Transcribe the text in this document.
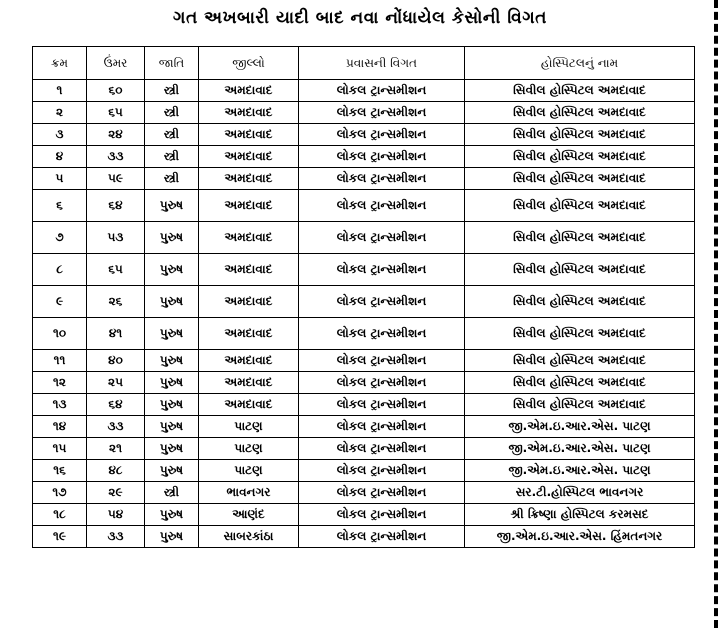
ગત અખબારી યાદી બાદ નવા નોંધાયેલ કેસોની વિગત
ક્રમ	ઉંમર	જાતિ	જીલ્લો	પ્રવાસની વિગત	હોસ્પિટલનું નામ
૧	૬૦	સ્ત્રી	અમદાવાદ	લોકલ ટ્રાન્સમીશન	સિવીલ હોસ્પિટલ અમદાવાદ
૨	૬૫	સ્ત્રી	અમદાવાદ	લોકલ ટ્રાન્સમીશન	સિવીલ હોસ્પિટલ અમદાવાદ
૩	૨૪	સ્ત્રી	અમદાવાદ	લોકલ ટ્રાન્સમીશન	સિવીલ હોસ્પિટલ અમદાવાદ
૪	૩૩	સ્ત્રી	અમદાવાદ	લોકલ ટ્રાન્સમીશન	સિવીલ હોસ્પિટલ અમદાવાદ
૫	૫૯	સ્ત્રી	અમદાવાદ	લોકલ ટ્રાન્સમીશન	સિવીલ હોસ્પિટલ અમદાવાદ
૬	૬૪	પુરુષ	અમદાવાદ	લોકલ ટ્રાન્સમીશન	સિવીલ હોસ્પિટલ અમદાવાદ
૭	૫૩	પુરુષ	અમદાવાદ	લોકલ ટ્રાન્સમીશન	સિવીલ હોસ્પિટલ અમદાવાદ
૮	૬૫	પુરુષ	અમદાવાદ	લોકલ ટ્રાન્સમીશન	સિવીલ હોસ્પિટલ અમદાવાદ
૯	૨૬	પુરુષ	અમદાવાદ	લોકલ ટ્રાન્સમીશન	સિવીલ હોસ્પિટલ અમદાવાદ
૧૦	૪૧	પુરુષ	અમદાવાદ	લોકલ ટ્રાન્સમીશન	સિવીલ હોસ્પિટલ અમદાવાદ
૧૧	૪૦	પુરુષ	અમદાવાદ	લોકલ ટ્રાન્સમીશન	સિવીલ હોસ્પિટલ અમદાવાદ
૧૨	૨૫	પુરુષ	અમદાવાદ	લોકલ ટ્રાન્સમીશન	સિવીલ હોસ્પિટલ અમદાવાદ
૧૩	૬૪	પુરુષ	અમદાવાદ	લોકલ ટ્રાન્સમીશન	સિવીલ હોસ્પિટલ અમદાવાદ
૧૪	૩૩	પુરુષ	પાટણ	લોકલ ટ્રાન્સમીશન	જી.એમ.ઇ.આર.એસ. પાટણ
૧૫	૨૧	પુરુષ	પાટણ	લોકલ ટ્રાન્સમીશન	જી.એમ.ઇ.આર.એસ. પાટણ
૧૬	૪૮	પુરુષ	પાટણ	લોકલ ટ્રાન્સમીશન	જી.એમ.ઇ.આર.એસ. પાટણ
૧૭	૨૯	સ્ત્રી	ભાવનગર	લોકલ ટ્રાન્સમીશન	સર.ટી.હોસ્પિટલ ભાવનગર
૧૮	૫૪	પુરુષ	આણંદ	લોકલ ટ્રાન્સમીશન	શ્રી ક્રિષ્ણા હોસ્પિટલ કરમસદ
૧૯	૩૩	પુરુષ	સાબરકાંઠા	લોકલ ટ્રાન્સમીશન	જી.એમ.ઇ.આર.એસ. હિંમતનગર
